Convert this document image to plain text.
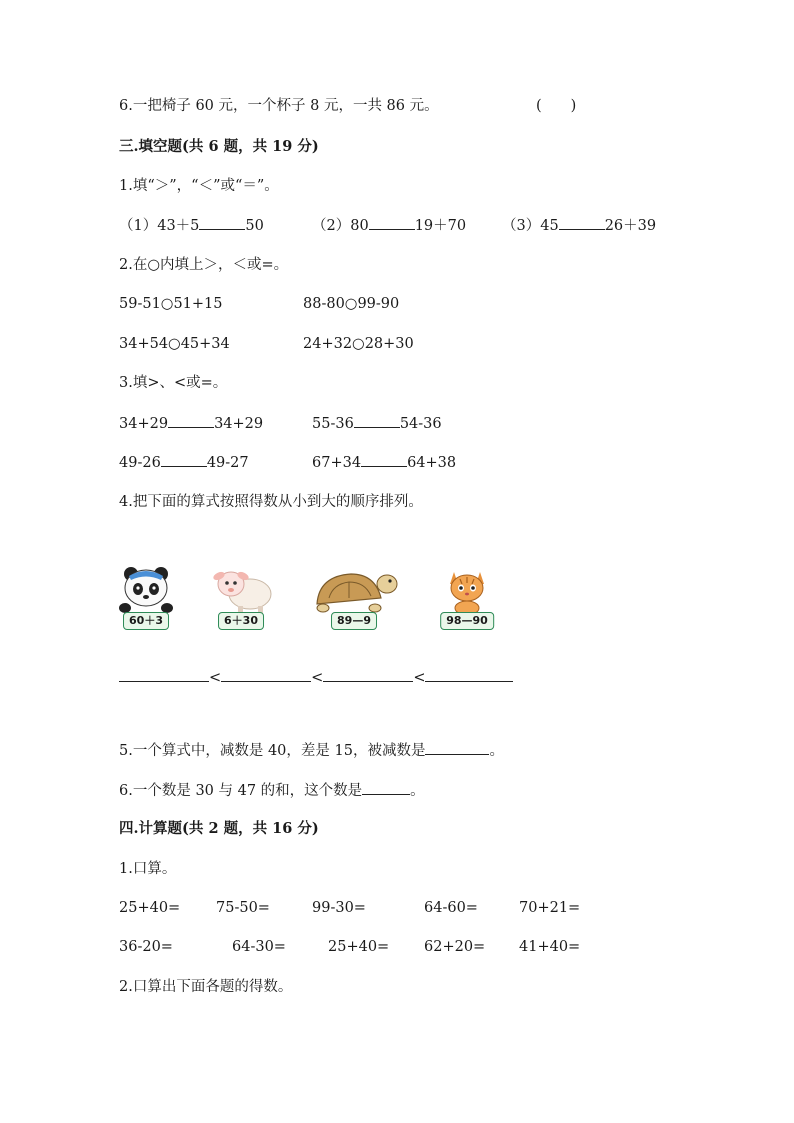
6.一把椅子 60 元，一个杯子 8 元，一共 86 元。	(　　)
三.填空题(共 6 题，共 19 分)
1.填“＞”，“＜”或“＝”。
（1）43＋5	50	（2）80	19＋70 （3）45	26＋39
2.在○内填上＞，＜或=。
59-51○51+15	88-80○99-90
34+54○45+34	24+32○28+30
3.填>、<或=。
34+29	34+29	55-36	54-36
49-26	49-27	67+34	64+38
4.把下面的算式按照得数从小到大的顺序排列。
60＋3	6＋30	89—9	98—90
<	<	<
5.一个算式中，减数是 40，差是 15，被减数是	。
6.一个数是 30 与 47 的和，这个数是	。
四.计算题(共 2 题，共 16 分)
1.口算。
25+40= 75-50=	99-30=	64-60=	70+21=
36-20=	64-30=	25+40= 62+20= 41+40=
2.口算出下面各题的得数。
